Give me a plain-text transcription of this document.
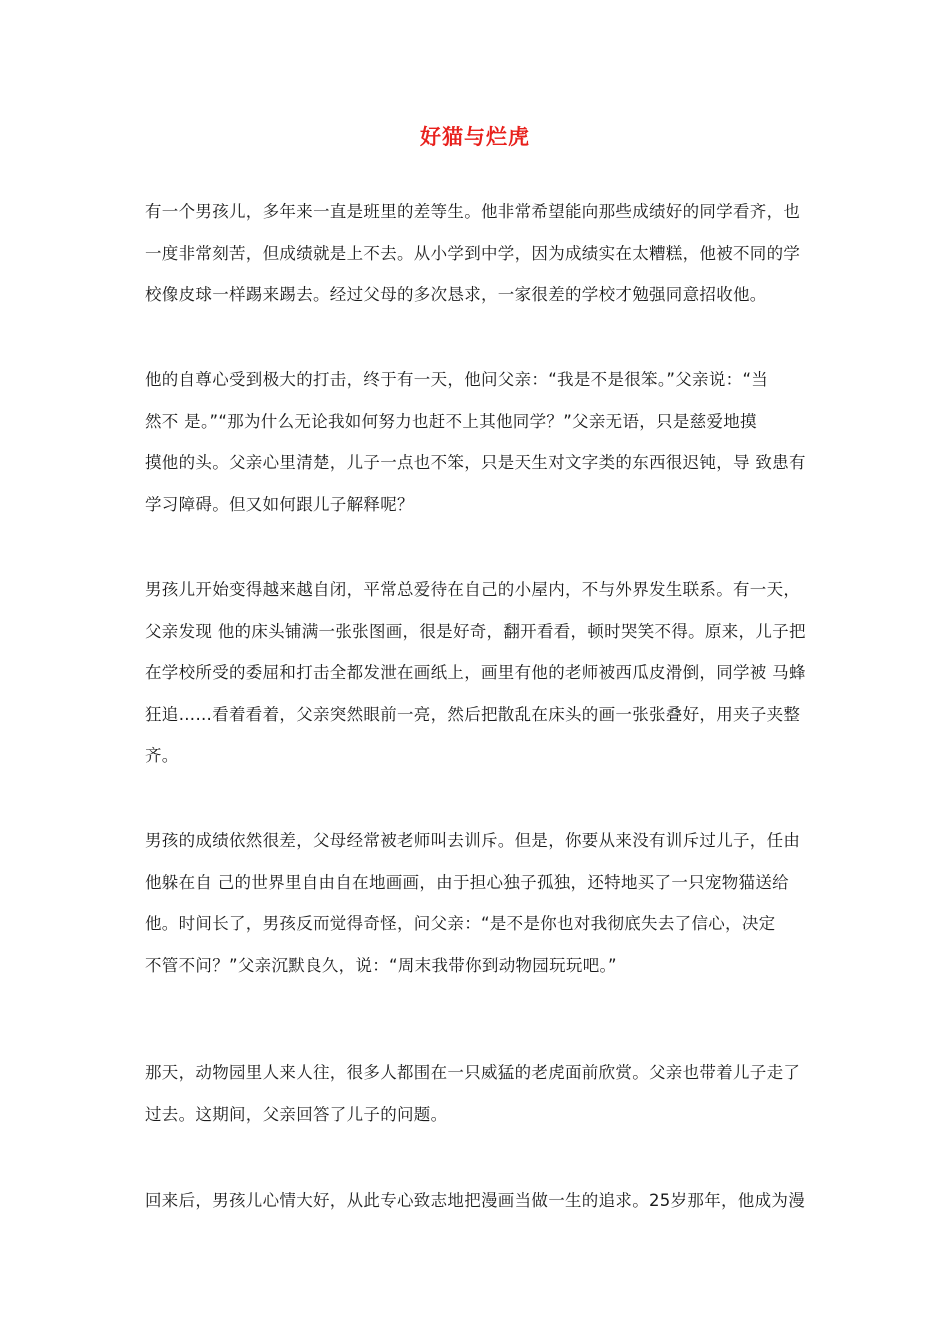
好猫与烂虎
有一个男孩儿，多年来一直是班里的差等生。他非常希望能向那些成绩好的同学看齐，也
一度非常刻苦，但成绩就是上不去。从小学到中学，因为成绩实在太糟糕，他被不同的学
校像皮球一样踢来踢去。经过父母的多次恳求，一家很差的学校才勉强同意招收他。
他的自尊心受到极大的打击，终于有一天，他问父亲：“我是不是很笨。”父亲说：“当
然不 是。”“那为什么无论我如何努力也赶不上其他同学？”父亲无语，只是慈爱地摸
摸他的头。父亲心里清楚，儿子一点也不笨，只是天生对文字类的东西很迟钝，导 致患有
学习障碍。但又如何跟儿子解释呢？
男孩儿开始变得越来越自闭，平常总爱待在自己的小屋内，不与外界发生联系。有一天，
父亲发现 他的床头铺满一张张图画，很是好奇，翻开看看，顿时哭笑不得。原来，儿子把
在学校所受的委屈和打击全都发泄在画纸上，画里有他的老师被西瓜皮滑倒，同学被 马蜂
狂追……看着看着，父亲突然眼前一亮，然后把散乱在床头的画一张张叠好，用夹子夹整
齐。
男孩的成绩依然很差，父母经常被老师叫去训斥。但是，你要从来没有训斥过儿子，任由
他躲在自 己的世界里自由自在地画画，由于担心独子孤独，还特地买了一只宠物猫送给
他。时间长了，男孩反而觉得奇怪，问父亲：“是不是你也对我彻底失去了信心，决定
不管不问？”父亲沉默良久，说：“周末我带你到动物园玩玩吧。”
那天，动物园里人来人往，很多人都围在一只威猛的老虎面前欣赏。父亲也带着儿子走了
过去。这期间，父亲回答了儿子的问题。
回来后，男孩儿心情大好，从此专心致志地把漫画当做一生的追求。25岁那年，他成为漫
